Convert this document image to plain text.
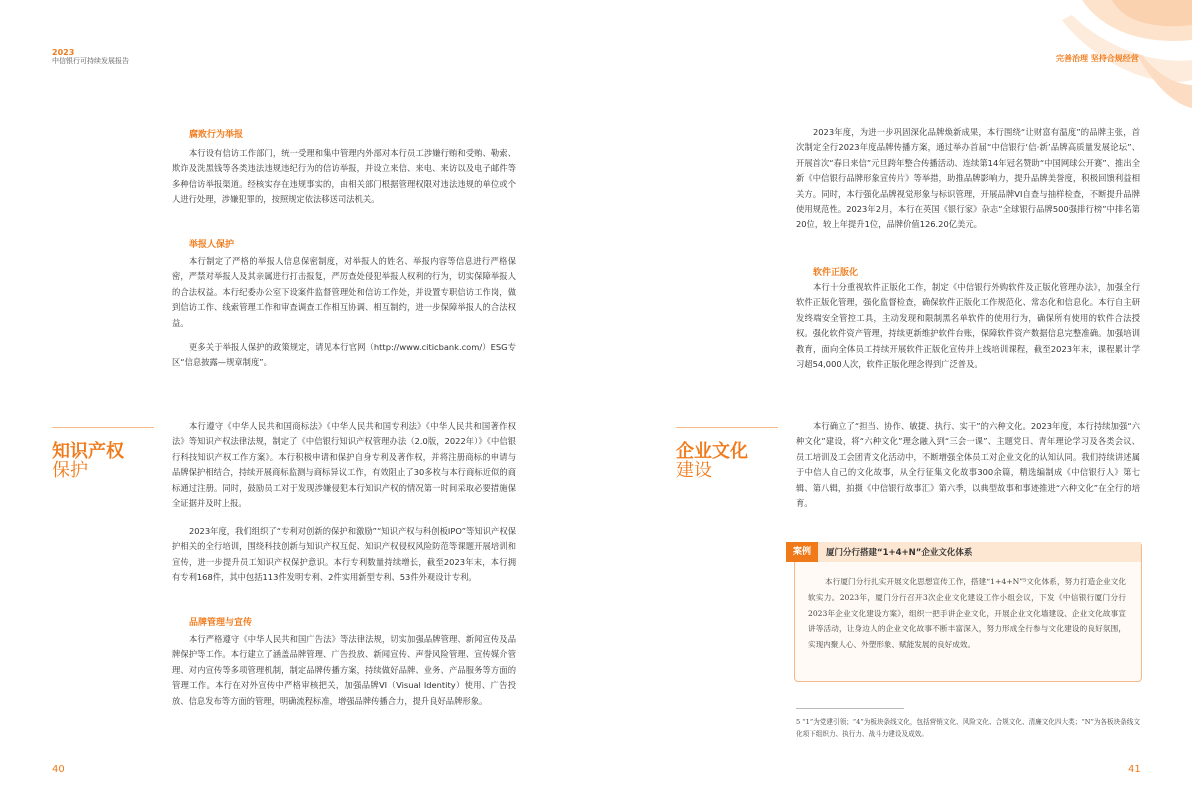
2023
中信银行可持续发展报告	完善治理 坚持合规经营
腐败行为举报

本行设有信访工作部门，统一受理和集中管理内外部对本行员工涉嫌行贿和受贿、勒索、欺诈及洗黑钱等各类违法违规违纪行为的信访举报，并设立来信、来电、来访以及电子邮件等多种信访举报渠道。经核实存在违规事实的，由相关部门根据管理权限对违法违规的单位或个人进行处理，涉嫌犯罪的，按照规定依法移送司法机关。

举报人保护

本行制定了严格的举报人信息保密制度，对举报人的姓名、举报内容等信息进行严格保密，严禁对举报人及其亲属进行打击报复，严厉查处侵犯举报人权利的行为，切实保障举报人的合法权益。本行纪委办公室下设案件监督管理处和信访工作处，并设置专职信访工作岗，做到信访工作、线索管理工作和审查调查工作相互协调、相互制约，进一步保障举报人的合法权益。

更多关于举报人保护的政策规定，请见本行官网（http://www.citicbank.com/）ESG专区“信息披露—规章制度”。

知识产权
保护

本行遵守《中华人民共和国商标法》《中华人民共和国专利法》《中华人民共和国著作权法》等知识产权法律法规，制定了《中信银行知识产权管理办法（2.0版，2022年）》《中信银行科技知识产权工作方案》。本行积极申请和保护自身专利及著作权，并将注册商标的申请与品牌保护相结合，持续开展商标监测与商标异议工作，有效阻止了30多枚与本行商标近似的商标通过注册。同时，鼓励员工对于发现涉嫌侵犯本行知识产权的情况第一时间采取必要措施保全证据并及时上报。

2023年度，我们组织了“专利对创新的保护和激励”“知识产权与科创板IPO”等知识产权保护相关的全行培训，围绕科技创新与知识产权互促、知识产权侵权风险防范等课题开展培训和宣传，进一步提升员工知识产权保护意识。本行专利数量持续增长，截至2023年末，本行拥有专利168件，其中包括113件发明专利、2件实用新型专利、53件外观设计专利。

品牌管理与宣传

本行严格遵守《中华人民共和国广告法》等法律法规，切实加强品牌管理、新闻宣传及品牌保护等工作。本行建立了涵盖品牌管理、广告投放、新闻宣传、声誉风险管理、宣传媒介管理、对内宣传等多项管理机制，制定品牌传播方案，持续做好品牌、业务、产品服务等方面的管理工作。本行在对外宣传中严格审核把关，加强品牌VI（Visual Identity）使用、广告投放、信息发布等方面的管理，明确流程标准，增强品牌传播合力，提升良好品牌形象。

40

2023年度，为进一步巩固深化品牌焕新成果，本行围绕“让财富有温度”的品牌主张，首次制定全行2023年度品牌传播方案，通过举办首届“中信银行‘信·新’品牌高质量发展论坛”、开展首次“春日来信”元旦跨年整合传播活动、连续第14年冠名赞助“中国网球公开赛”、推出全新《中信银行品牌形象宣传片》等举措，助推品牌影响力，提升品牌美誉度，积极回馈利益相关方。同时，本行强化品牌视觉形象与标识管理，开展品牌VI自查与抽样检查，不断提升品牌使用规范性。2023年2月，本行在英国《银行家》杂志“全球银行品牌500强排行榜”中排名第20位，较上年提升1位，品牌价值126.20亿美元。

软件正版化

本行十分重视软件正版化工作，制定《中信银行外购软件及正版化管理办法》，加强全行软件正版化管理，强化监督检查，确保软件正版化工作规范化、常态化和信息化。本行自主研发终端安全管控工具，主动发现和限制黑名单软件的使用行为，确保所有使用的软件合法授权。强化软件资产管理，持续更新维护软件台账，保障软件资产数据信息完整准确。加强培训教育，面向全体员工持续开展软件正版化宣传并上线培训课程，截至2023年末，课程累计学习超54,000人次，软件正版化理念得到广泛普及。

企业文化
建设

本行确立了“担当、协作、敏捷、执行、实干”的六种文化。2023年度，本行持续加强“六种文化”建设，将“六种文化”理念融入到“三会一课”、主题党日、青年理论学习及各类会议、员工培训及工会团青文化活动中，不断增强全体员工对企业文化的认知认同。我们持续讲述属于中信人自己的文化故事，从全行征集文化故事300余篇，精选编制成《中信银行人》第七辑、第八辑，拍摄《中信银行故事汇》第六季，以典型故事和事迹推进“六种文化”在全行的培育。

案例	厦门分行搭建“1+4+N”企业文化体系

本行厦门分行扎实开展文化思想宣传工作，搭建“1+4+N”⁵文化体系，努力打造企业文化软实力。2023年，厦门分行召开3次企业文化建设工作小组会议，下发《中信银行厦门分行2023年企业文化建设方案》，组织一把手讲企业文化，开展企业文化墙建设、企业文化故事宣讲等活动，让身边人的企业文化故事不断丰富深入，努力形成全行参与文化建设的良好氛围，实现内聚人心、外塑形象、赋能发展的良好成效。

5 “1”为党建引领；“4”为板块条线文化，包括营销文化、风险文化、合规文化、清廉文化四大类；“N”为各板块条线文化项下组织力、执行力、战斗力建设及成效。

41
